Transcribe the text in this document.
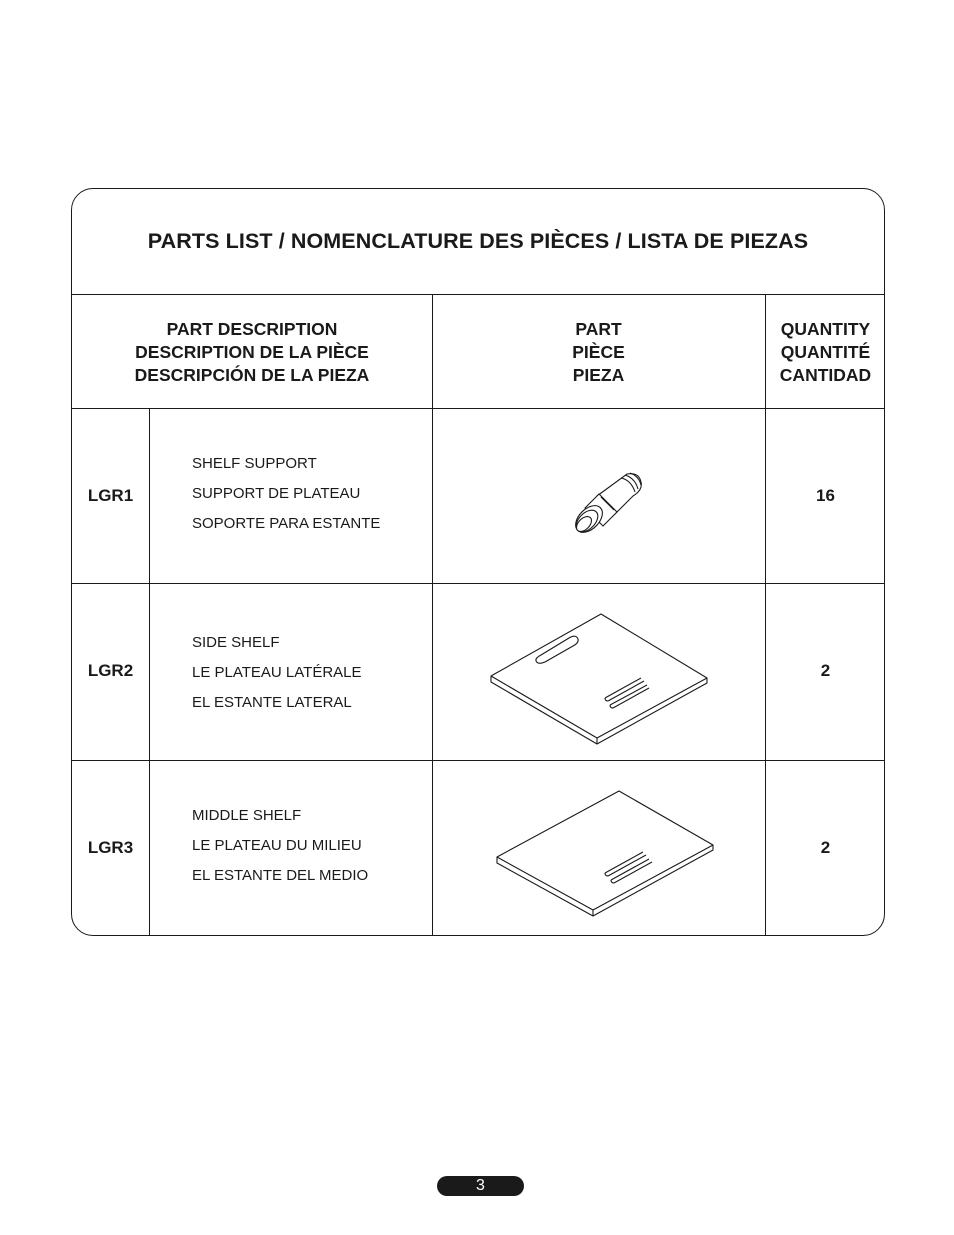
PARTS LIST / NOMENCLATURE DES PIÈCES / LISTA DE PIEZAS
PART DESCRIPTION
DESCRIPTION DE LA PIÈCE
DESCRIPCIÓN DE LA PIEZA
PART
PIÈCE
PIEZA
QUANTITY
QUANTITÉ
CANTIDAD
LGR1
SHELF SUPPORT
SUPPORT DE PLATEAU
SOPORTE PARA ESTANTE
16
LGR2
SIDE SHELF
LE PLATEAU LATÉRALE
EL ESTANTE LATERAL
2
LGR3
MIDDLE SHELF
LE PLATEAU DU MILIEU
EL ESTANTE DEL MEDIO
2
3
